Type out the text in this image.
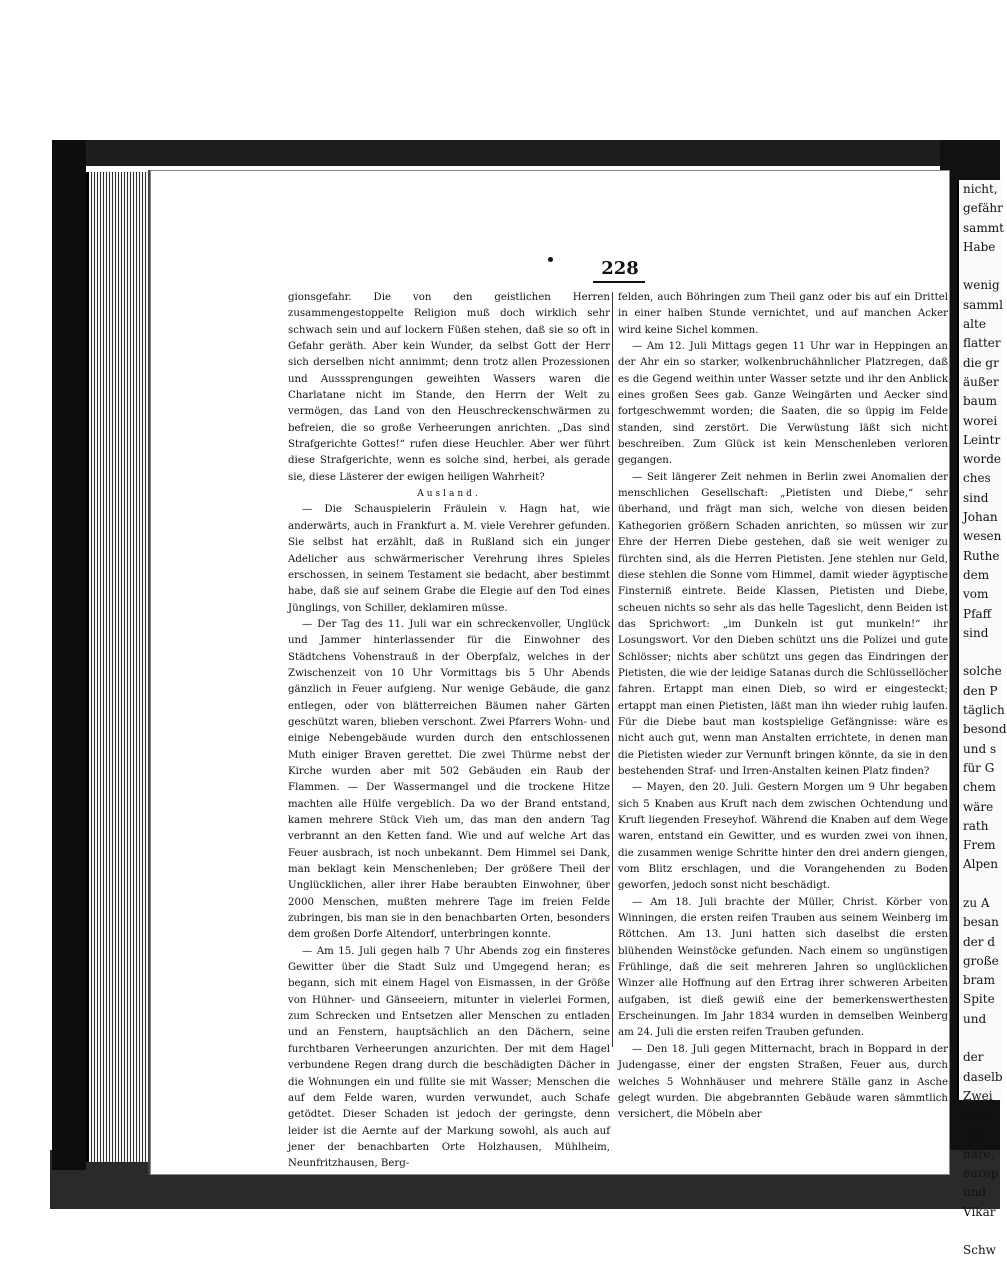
nicht,
gefähr
sammt
Habe

wenig
samml
alte
flatter
die gr
äußer
baum
worei
Leintr
worde
ches
sind
Johan
wesen
Ruthe
dem
vom
Pfaff
sind

solche
den P
täglich
besond
und s
für G
chem
wäre
rath
Frem
Alpen

zu A
besan
der d
große
bram
Spite
und

der
daselb
Zwei
in D
und
näre,
europ
und
Vikar

Schw
228

gionsgefahr. Die von den geistlichen Herren zusammengestoppelte Religion muß doch wirklich sehr schwach sein und auf lockern Füßen stehen, daß sie so oft in Gefahr geräth. Aber kein Wunder, da selbst Gott der Herr sich derselben nicht annimmt; denn trotz allen Prozessionen und Ausssprengungen geweihten Wassers waren die Charlatane nicht im Stande, den Herrn der Welt zu vermögen, das Land von den Heuschreckenschwärmen zu befreien, die so große Verheerungen anrichten. „Das sind Strafgerichte Gottes!“ rufen diese Heuchler. Aber wer führt diese Strafgerichte, wenn es solche sind, herbei, als gerade sie, diese Lästerer der ewigen heiligen Wahrheit?

Ausland.

— Die Schauspielerin Fräulein v. Hagn hat, wie anderwärts, auch in Frankfurt a. M. viele Verehrer gefunden. Sie selbst hat erzählt, daß in Rußland sich ein junger Adelicher aus schwärmerischer Verehrung ihres Spieles erschossen, in seinem Testament sie bedacht, aber bestimmt habe, daß sie auf seinem Grabe die Elegie auf den Tod eines Jünglings, von Schiller, deklamiren müsse.

— Der Tag des 11. Juli war ein schreckenvoller, Unglück und Jammer hinterlassender für die Einwohner des Städtchens Vohenstrauß in der Oberpfalz, welches in der Zwischenzeit von 10 Uhr Vormittags bis 5 Uhr Abends gänzlich in Feuer aufgieng. Nur wenige Gebäude, die ganz entlegen, oder von blätterreichen Bäumen naher Gärten geschützt waren, blieben verschont. Zwei Pfarrers Wohn- und einige Nebengebäude wurden durch den entschlossenen Muth einiger Braven gerettet. Die zwei Thürme nebst der Kirche wurden aber mit 502 Gebäuden ein Raub der Flammen. — Der Wassermangel und die trockene Hitze machten alle Hülfe vergeblich. Da wo der Brand entstand, kamen mehrere Stück Vieh um, das man den andern Tag verbrannt an den Ketten fand. Wie und auf welche Art das Feuer ausbrach, ist noch unbekannt. Dem Himmel sei Dank, man beklagt kein Menschenleben; Der größere Theil der Unglücklichen, aller ihrer Habe beraubten Einwohner, über 2000 Menschen, mußten mehrere Tage im freien Felde zubringen, bis man sie in den benachbarten Orten, besonders dem großen Dorfe Altendorf, unterbringen konnte.

— Am 15. Juli gegen halb 7 Uhr Abends zog ein finsteres Gewitter über die Stadt Sulz und Umgegend heran; es begann, sich mit einem Hagel von Eismassen, in der Größe von Hühner- und Gänseeiern, mitunter in vielerlei Formen, zum Schrecken und Entsetzen aller Menschen zu entladen und an Fenstern, hauptsächlich an den Dächern, seine furchtbaren Verheerungen anzurichten. Der mit dem Hagel verbundene Regen drang durch die beschädigten Dächer in die Wohnungen ein und füllte sie mit Wasser; Menschen die auf dem Felde waren, wurden verwundet, auch Schafe getödtet. Dieser Schaden ist jedoch der geringste, denn leider ist die Aernte auf der Markung sowohl, als auch auf jener der benachbarten Orte Holzhausen, Mühlheim, Neunfritzhausen, Berg-

felden, auch Böhringen zum Theil ganz oder bis auf ein Drittel in einer halben Stunde vernichtet, und auf manchen Acker wird keine Sichel kommen.

— Am 12. Juli Mittags gegen 11 Uhr war in Heppingen an der Ahr ein so starker, wolkenbruchähnlicher Platzregen, daß es die Gegend weithin unter Wasser setzte und ihr den Anblick eines großen Sees gab. Ganze Weingärten und Aecker sind fortgeschwemmt worden; die Saaten, die so üppig im Felde standen, sind zerstört. Die Verwüstung läßt sich nicht beschreiben. Zum Glück ist kein Menschenleben verloren gegangen.

— Seit längerer Zeit nehmen in Berlin zwei Anomalien der menschlichen Gesellschaft: „Pietisten und Diebe,“ sehr überhand, und frägt man sich, welche von diesen beiden Kathegorien größern Schaden anrichten, so müssen wir zur Ehre der Herren Diebe gestehen, daß sie weit weniger zu fürchten sind, als die Herren Pietisten. Jene stehlen nur Geld, diese stehlen die Sonne vom Himmel, damit wieder ägyptische Finsterniß eintrete. Beide Klassen, Pietisten und Diebe, scheuen nichts so sehr als das helle Tageslicht, denn Beiden ist das Sprichwort: „im Dunkeln ist gut munkeln!“ ihr Losungswort. Vor den Dieben schützt uns die Polizei und gute Schlösser; nichts aber schützt uns gegen das Eindringen der Pietisten, die wie der leidige Satanas durch die Schlüssellöcher fahren. Ertappt man einen Dieb, so wird er eingesteckt; ertappt man einen Pietisten, läßt man ihn wieder ruhig laufen. Für die Diebe baut man kostspielige Gefängnisse: wäre es nicht auch gut, wenn man Anstalten errichtete, in denen man die Pietisten wieder zur Vernunft bringen könnte, da sie in den bestehenden Straf- und Irren-Anstalten keinen Platz finden?

— Mayen, den 20. Juli. Gestern Morgen um 9 Uhr begaben sich 5 Knaben aus Kruft nach dem zwischen Ochtendung und Kruft liegenden Freseyhof. Während die Knaben auf dem Wege waren, entstand ein Gewitter, und es wurden zwei von ihnen, die zusammen wenige Schritte hinter den drei andern giengen, vom Blitz erschlagen, und die Vorangehenden zu Boden geworfen, jedoch sonst nicht beschädigt.

— Am 18. Juli brachte der Müller, Christ. Körber von Winningen, die ersten reifen Trauben aus seinem Weinberg im Röttchen. Am 13. Juni hatten sich daselbst die ersten blühenden Weinstöcke gefunden. Nach einem so ungünstigen Frühlinge, daß die seit mehreren Jahren so unglücklichen Winzer alle Hoffnung auf den Ertrag ihrer schweren Arbeiten aufgaben, ist dieß gewiß eine der bemerkenswerthesten Erscheinungen. Im Jahr 1834 wurden in demselben Weinberg am 24. Juli die ersten reifen Trauben gefunden.

— Den 18. Juli gegen Mitternacht, brach in Boppard in der Judengasse, einer der engsten Straßen, Feuer aus, durch welches 5 Wohnhäuser und mehrere Ställe ganz in Asche gelegt wurden. Die abgebrannten Gebäude waren sämmtlich versichert, die Möbeln aber
